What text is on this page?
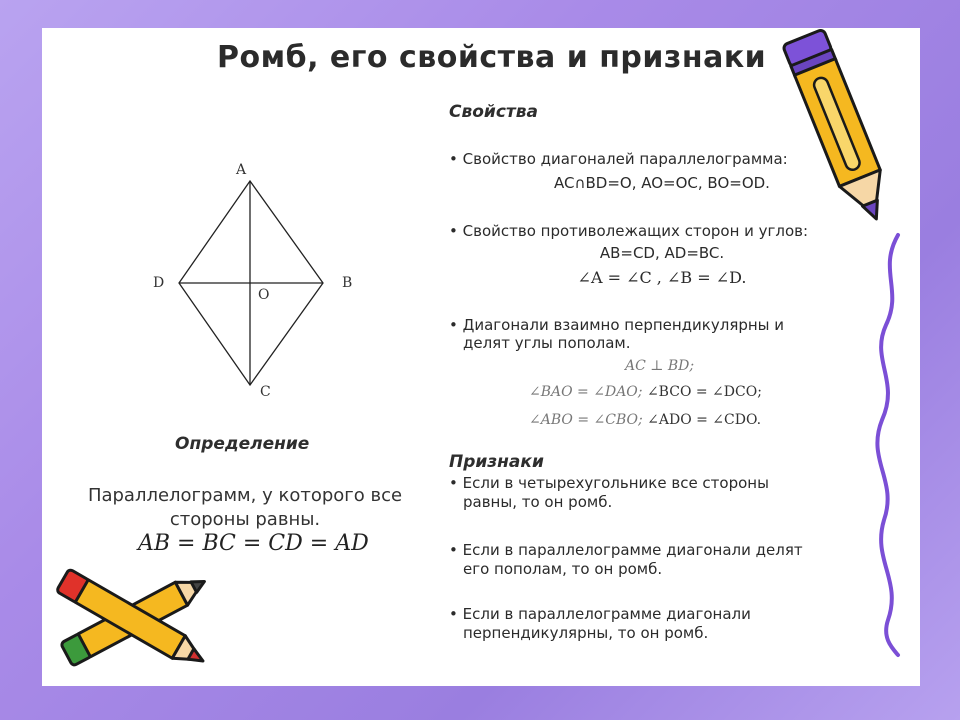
Ромб, его свойства и признаки
A
B
C
D
O
Определение
Параллелограмм, у которого все
стороны равны.
AB = BC = CD = AD
Свойства
• Свойство диагоналей параллелограмма:
AC∩BD=O, AO=OC, BO=OD.
• Свойство противолежащих сторон и углов:
AB=CD, AD=BC.
∠A = ∠C , ∠B = ∠D.
• Диагонали взаимно перпендикулярны и
делят углы пополам.
AC ⊥ BD;
∠BAO = ∠DAO; ∠BCO = ∠DCO;
∠ABO = ∠CBO; ∠ADO = ∠CDO.
Признаки
• Если в четырехугольнике все стороны
равны, то он ромб.
• Если в параллелограмме диагонали делят
его пополам, то он ромб.
• Если в параллелограмме диагонали
перпендикулярны, то он ромб.
